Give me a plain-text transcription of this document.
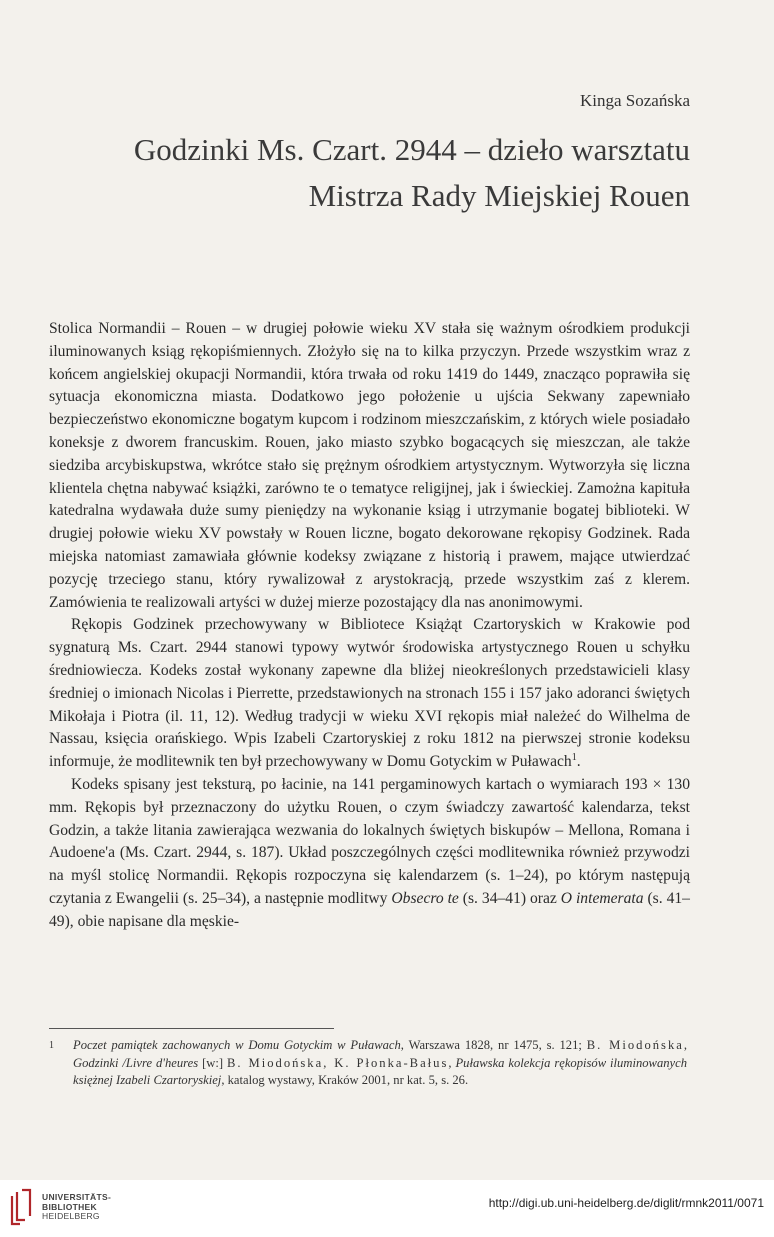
Kinga Sozańska
Godzinki Ms. Czart. 2944 – dzieło warsztatu
Mistrza Rady Miejskiej Rouen

Stolica Normandii – Rouen – w drugiej połowie wieku XV stała się ważnym ośrodkiem produkcji iluminowanych ksiąg rękopiśmiennych. Złożyło się na to kilka przyczyn. Przede wszystkim wraz z końcem angielskiej okupacji Normandii, która trwała od roku 1419 do 1449, znacząco poprawiła się sytuacja ekonomiczna miasta. Dodatkowo jego położenie u ujścia Sekwany zapewniało bezpieczeństwo ekonomiczne bogatym kupcom i rodzinom mieszczańskim, z których wiele posiadało koneksje z dworem francuskim. Rouen, jako miasto szybko bogacących się mieszczan, ale także siedziba arcybiskupstwa, wkrótce stało się prężnym ośrodkiem artystycznym. Wytworzyła się liczna klientela chętna nabywać książki, zarówno te o tematyce religijnej, jak i świeckiej. Zamożna kapituła katedralna wydawała duże sumy pieniędzy na wykonanie ksiąg i utrzymanie bogatej biblioteki. W drugiej połowie wieku XV powstały w Rouen liczne, bogato dekorowane rękopisy Godzinek. Rada miejska natomiast zamawiała głównie kodeksy związane z historią i prawem, mające utwierdzać pozycję trzeciego stanu, który rywalizował z arystokracją, przede wszystkim zaś z klerem. Zamówienia te realizowali artyści w dużej mierze pozostający dla nas anonimowymi.

Rękopis Godzinek przechowywany w Bibliotece Książąt Czartoryskich w Krakowie pod sygnaturą Ms. Czart. 2944 stanowi typowy wytwór środowiska artystycznego Rouen u schyłku średniowiecza. Kodeks został wykonany zapewne dla bliżej nieokreślonych przedstawicieli klasy średniej o imionach Nicolas i Pierrette, przedstawionych na stronach 155 i 157 jako adoranci świętych Mikołaja i Piotra (il. 11, 12). Według tradycji w wieku XVI rękopis miał należeć do Wilhelma de Nassau, księcia orańskiego. Wpis Izabeli Czartoryskiej z roku 1812 na pierwszej stronie kodeksu informuje, że modlitewnik ten był przechowywany w Domu Gotyckim w Puławach$^1$.

Kodeks spisany jest teksturą, po łacinie, na 141 pergaminowych kartach o wymiarach 193 × 130 mm. Rękopis był przeznaczony do użytku Rouen, o czym świadczy zawartość kalendarza, tekst Godzin, a także litania zawierająca wezwania do lokalnych świętych biskupów – Mellona, Romana i Audoene'a (Ms. Czart. 2944, s. 187). Układ poszczególnych części modlitewnika również przywodzi na myśl stolicę Normandii. Rękopis rozpoczyna się kalendarzem (s. 1–24), po którym następują czytania z Ewangelii (s. 25–34), a następnie modlitwy Obsecro te (s. 34–41) oraz O intemerata (s. 41–49), obie napisane dla męskie-

1 Poczet pamiątek zachowanych w Domu Gotyckim w Puławach, Warszawa 1828, nr 1475, s. 121; B. Miodońska, Godzinki /Livre d'heures [w:] B. Miodońska, K. Płonka-Bałus, Puławska kolekcja rękopisów iluminowanych księżnej Izabeli Czartoryskiej, katalog wystawy, Kraków 2001, nr kat. 5, s. 26.
UNIVERSITÄTS-
BIBLIOTHEK
HEIDELBERG
http://digi.ub.uni-heidelberg.de/diglit/rmnk2011/0071
